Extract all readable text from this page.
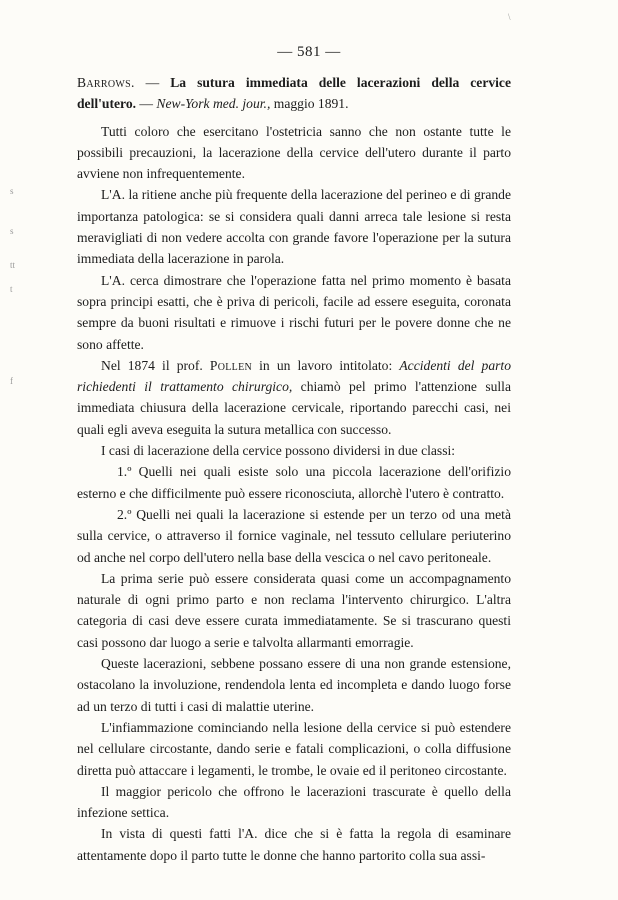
\
s
s
tt
t
f
— 581 —

Barrows. — La sutura immediata delle lacerazioni della cervice dell'utero. — New-York med. jour., maggio 1891.

Tutti coloro che esercitano l'ostetricia sanno che non ostante tutte le possibili precauzioni, la lacerazione della cervice dell'utero durante il parto avviene non infrequentemente.

L'A. la ritiene anche più frequente della lacerazione del perineo e di grande importanza patologica: se si considera quali danni arreca tale lesione si resta meravigliati di non vedere accolta con grande favore l'operazione per la sutura immediata della lacerazione in parola.

L'A. cerca dimostrare che l'operazione fatta nel primo momento è basata sopra principi esatti, che è priva di pericoli, facile ad essere eseguita, coronata sempre da buoni risultati e rimuove i rischi futuri per le povere donne che ne sono affette.

Nel 1874 il prof. Pollen in un lavoro intitolato: Accidenti del parto richiedenti il trattamento chirurgico, chiamò pel primo l'attenzione sulla immediata chiusura della lacerazione cervicale, riportando parecchi casi, nei quali egli aveva eseguita la sutura metallica con successo.

I casi di lacerazione della cervice possono dividersi in due classi:

1.º Quelli nei quali esiste solo una piccola lacerazione dell'orifizio esterno e che difficilmente può essere riconosciuta, allorchè l'utero è contratto.

2.º Quelli nei quali la lacerazione si estende per un terzo od una metà sulla cervice, o attraverso il fornice vaginale, nel tessuto cellulare periuterino od anche nel corpo dell'utero nella base della vescica o nel cavo peritoneale.

La prima serie può essere considerata quasi come un accompagnamento naturale di ogni primo parto e non reclama l'intervento chirurgico. L'altra categoria di casi deve essere curata immediatamente. Se si trascurano questi casi possono dar luogo a serie e talvolta allarmanti emorragie.

Queste lacerazioni, sebbene possano essere di una non grande estensione, ostacolano la involuzione, rendendola lenta ed incompleta e dando luogo forse ad un terzo di tutti i casi di malattie uterine.

L'infiammazione cominciando nella lesione della cervice si può estendere nel cellulare circostante, dando serie e fatali complicazioni, o colla diffusione diretta può attaccare i legamenti, le trombe, le ovaie ed il peritoneo circostante.

Il maggior pericolo che offrono le lacerazioni trascurate è quello della infezione settica.

In vista di questi fatti l'A. dice che si è fatta la regola di esaminare attentamente dopo il parto tutte le donne che hanno partorito colla sua assi-
